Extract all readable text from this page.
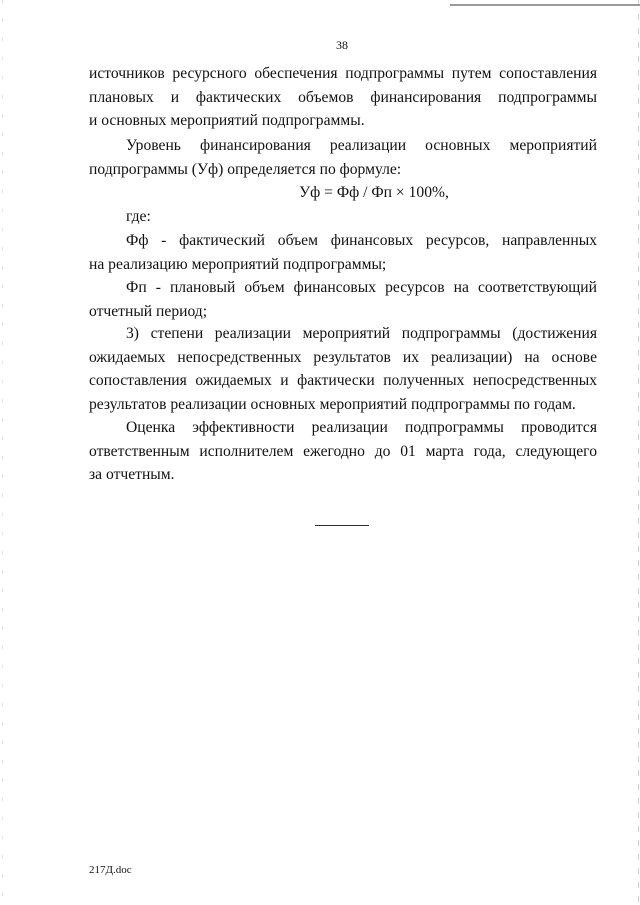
38
источников ресурсного обеспечения подпрограммы путем сопоставления
плановых и фактических объемов финансирования подпрограммы
и основных мероприятий подпрограммы.
Уровень финансирования реализации основных мероприятий
подпрограммы (Уф) определяется по формуле:
Уф = Фф / Фп × 100%,
где:
Фф - фактический объем финансовых ресурсов, направленных
на реализацию мероприятий подпрограммы;
Фп - плановый объем финансовых ресурсов на соответствующий
отчетный период;
3) степени реализации мероприятий подпрограммы (достижения
ожидаемых непосредственных результатов их реализации) на основе
сопоставления ожидаемых и фактически полученных непосредственных
результатов реализации основных мероприятий подпрограммы по годам.
Оценка эффективности реализации подпрограммы проводится
ответственным исполнителем ежегодно до 01 марта года, следующего
за отчетным.
217Д.doc
